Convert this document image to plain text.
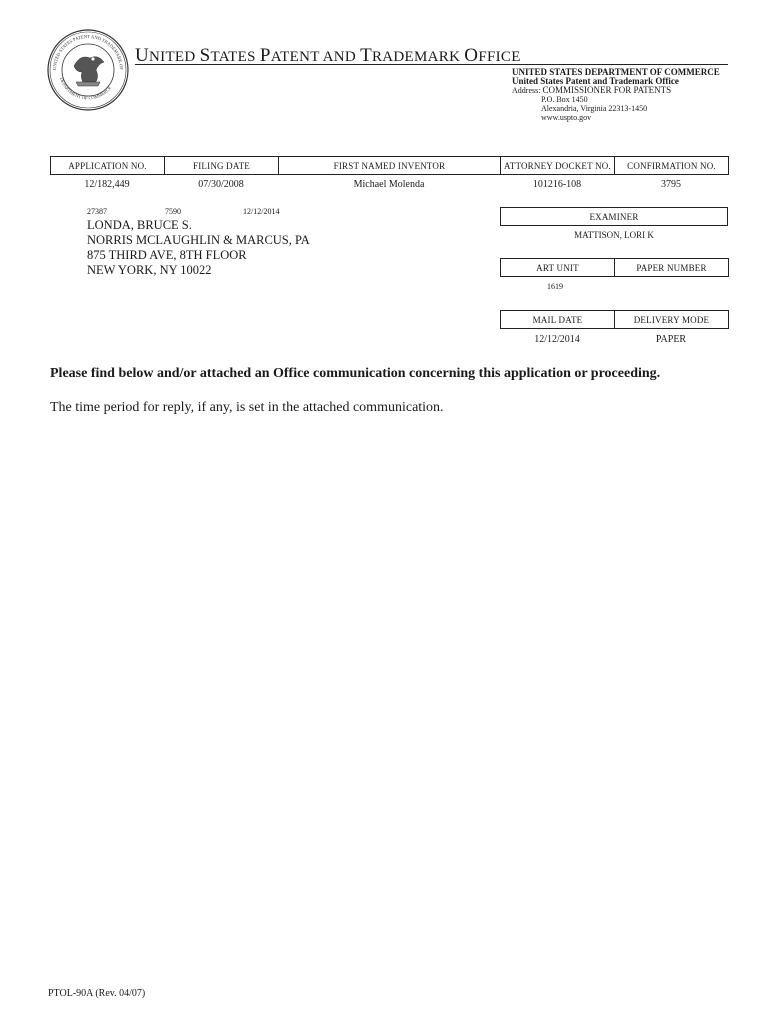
UNITED STATES PATENT AND TRADEMARK OF
DEPARTMENT OF COMMERCE
UNITED STATES PATENT AND TRADEMARK OFFICE
UNITED STATES DEPARTMENT OF COMMERCE
United States Patent and Trademark Office
Address: COMMISSIONER FOR PATENTS
P.O. Box 1450
Alexandria, Virginia 22313-1450
www.uspto.gov
APPLICATION NO.	FILING DATE	FIRST NAMED INVENTOR	ATTORNEY DOCKET NO.	CONFIRMATION NO.
12/182,449	07/30/2008	Michael Molenda	101216-108	3795
27387	7590	12/12/2014
LONDA, BRUCE S.
NORRIS MCLAUGHLIN & MARCUS, PA
875 THIRD AVE, 8TH FLOOR
NEW YORK, NY 10022
EXAMINER
MATTISON, LORI K
ART UNIT	PAPER NUMBER
1619
MAIL DATE	DELIVERY MODE
12/12/2014	PAPER
Please find below and/or attached an Office communication concerning this application or proceeding.
The time period for reply, if any, is set in the attached communication.
PTOL-90A (Rev. 04/07)
